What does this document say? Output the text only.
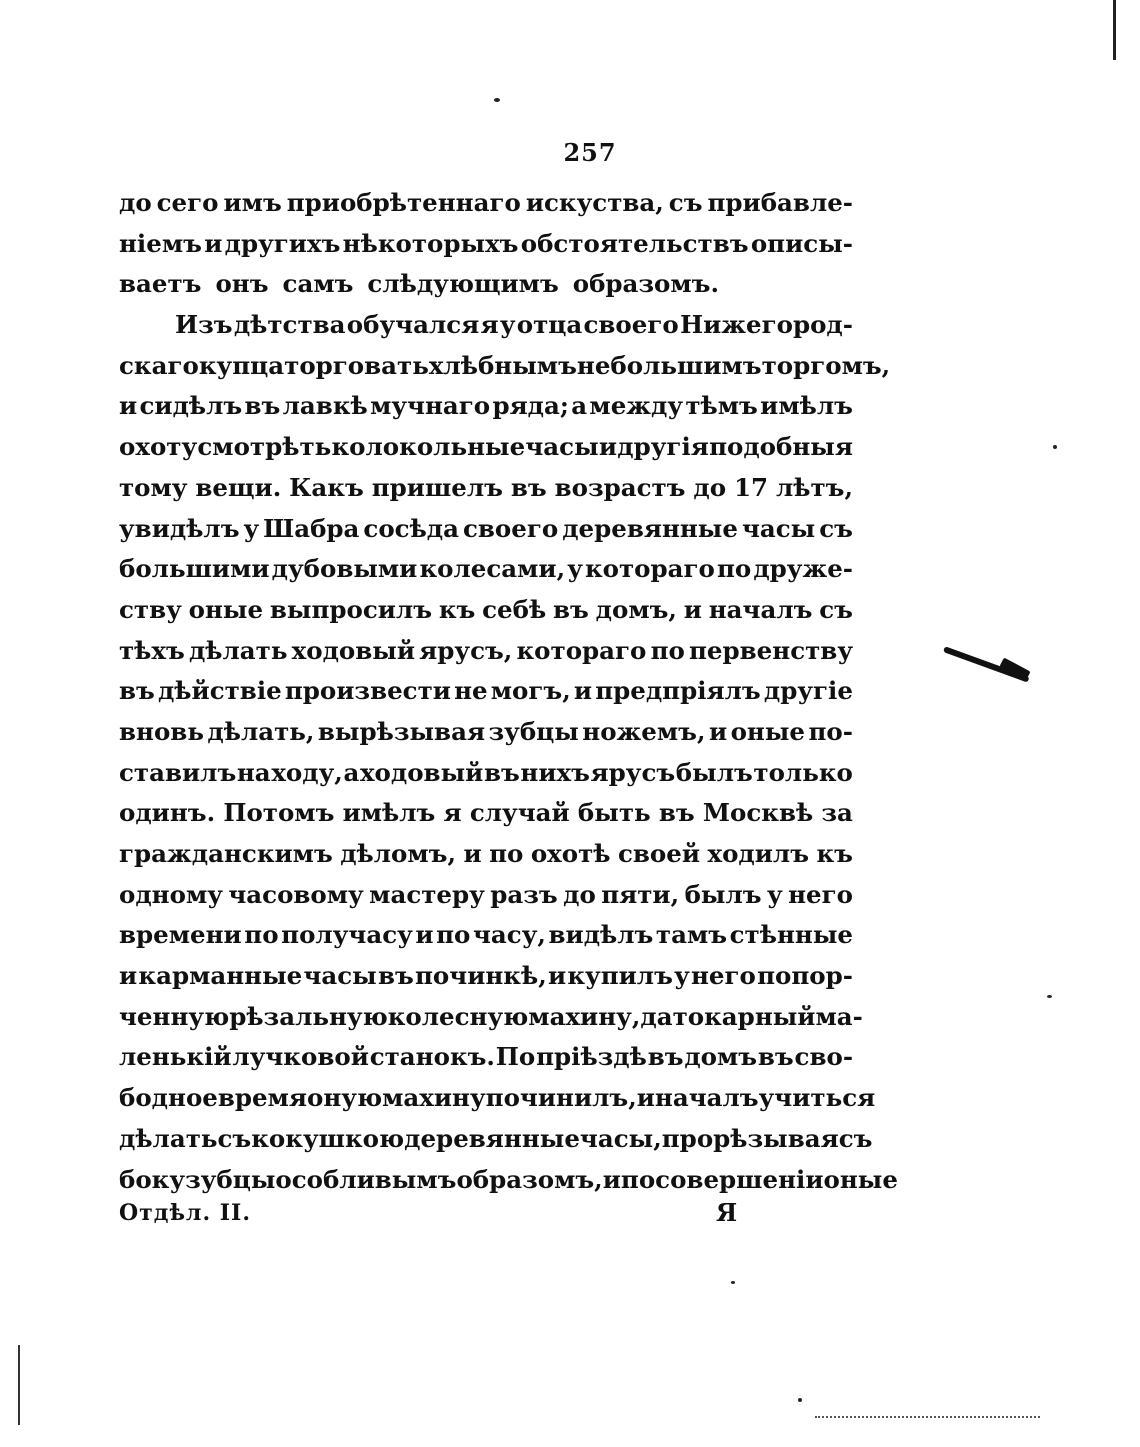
257
до сего имъ приобрѣтеннаго искуства, съ прибавле-
ніемъ и другихъ нѣкоторыхъ обстоятельствъ описы-
ваетъ онъ самъ слѣдующимъ образомъ.
Изъ дѣтства обучался я у отца своего Нижегород-
скаго купца торговать хлѣбнымъ небольшимъ торгомъ,
и сидѣлъ въ лавкѣ мучнаго ряда; а между тѣмъ имѣлъ
охоту смотрѣть колокольные часы и другія подобныя
тому вещи. Какъ пришелъ въ возрастъ до 17 лѣтъ,
увидѣлъ у Шабра сосѣда своего деревянные часы съ
большими дубовыми колесами, у котораго по друже-
ству оные выпросилъ къ себѣ въ домъ, и началъ съ
тѣхъ дѣлать ходовый ярусъ, котораго по первенству
въ дѣйствіе произвести не могъ, и предпріялъ другіе
вновь дѣлать, вырѣзывая зубцы ножемъ, и оные по-
ставилъ на ходу, а ходовый въ нихъ ярусъ былъ только
одинъ. Потомъ имѣлъ я случай быть въ Москвѣ за
гражданскимъ дѣломъ, и по охотѣ своей ходилъ къ
одному часовому мастеру разъ до пяти, былъ у него
времени по получасу и по часу, видѣлъ тамъ стѣнные
и карманные часы въ починкѣ, и купилъ у него попор-
ченную рѣзальную колесную махину, да токарный ма-
ленькій лучковой станокъ. По пріѣздѣ въ домъ въ сво-
бодное время оную махину починилъ, и началъ учиться
дѣлать съ кокушкою деревянные часы, прорѣзывая съ
боку зубцы особливымъ образомъ, и по совершеніи оные
Отдѣл. II.	Я
